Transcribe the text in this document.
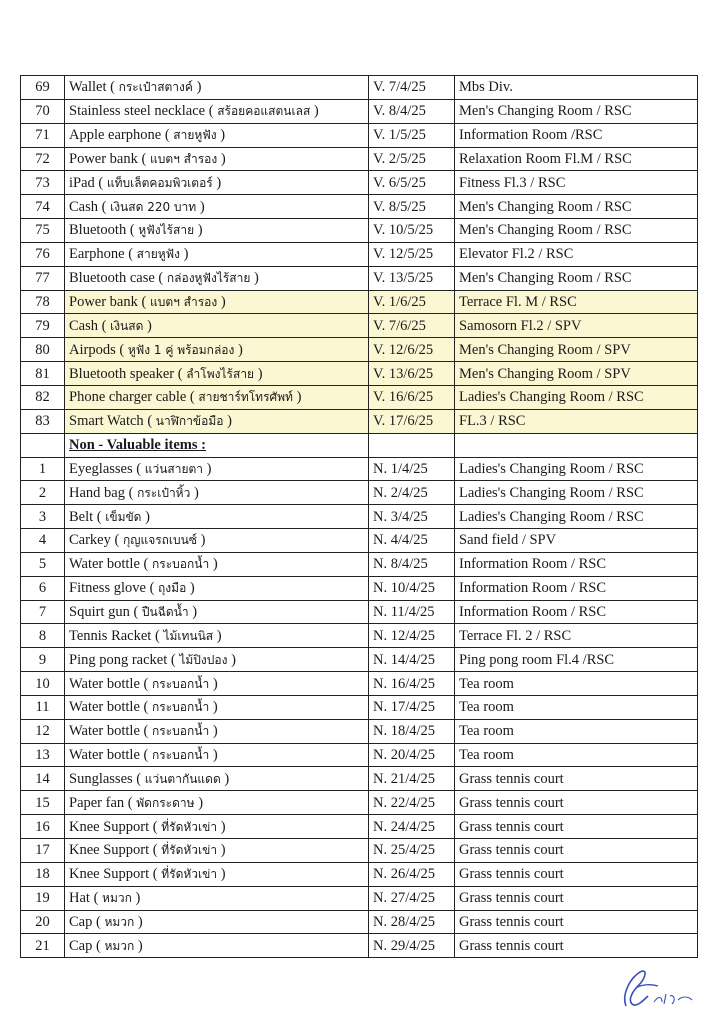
69	Wallet ( กระเป๋าสตางค์ )	V. 7/4/25	Mbs Div.
70	Stainless steel necklace ( สร้อยคอแสตนเลส )	V. 8/4/25	Men's Changing Room / RSC
71	Apple earphone ( สายหูฟัง )	V. 1/5/25	Information Room /RSC
72	Power bank ( แบตฯ สำรอง )	V. 2/5/25	Relaxation Room Fl.M / RSC
73	iPad ( แท็บเล็ตคอมพิวเตอร์ )	V. 6/5/25	Fitness Fl.3 / RSC
74	Cash ( เงินสด 220 บาท )	V. 8/5/25	Men's Changing Room / RSC
75	Bluetooth ( หูฟังไร้สาย )	V. 10/5/25	Men's Changing Room / RSC
76	Earphone ( สายหูฟัง )	V. 12/5/25	Elevator Fl.2 / RSC
77	Bluetooth case ( กล่องหูฟังไร้สาย )	V. 13/5/25	Men's Changing Room / RSC
78	Power bank ( แบตฯ สำรอง )	V. 1/6/25	Terrace Fl. M / RSC
79	Cash ( เงินสด )	V. 7/6/25	Samosorn Fl.2 / SPV
80	Airpods ( หูฟัง 1 คู่ พร้อมกล่อง )	V. 12/6/25	Men's Changing Room / SPV
81	Bluetooth speaker ( ลำโพงไร้สาย )	V. 13/6/25	Men's Changing Room / SPV
82	Phone charger cable ( สายชาร์ทโทรศัพท์ )	V. 16/6/25	Ladies's Changing Room / RSC
83	Smart Watch ( นาฬิกาข้อมือ )	V. 17/6/25	FL.3 / RSC
	Non - Valuable items :		
1	Eyeglasses ( แว่นสายตา )	N. 1/4/25	Ladies's Changing Room / RSC
2	Hand bag ( กระเป๋าหิ้ว )	N. 2/4/25	Ladies's Changing Room / RSC
3	Belt ( เข็มขัด )	N. 3/4/25	Ladies's Changing Room / RSC
4	Carkey ( กุญแจรถเบนซ์ )	N. 4/4/25	Sand field / SPV
5	Water bottle ( กระบอกน้ำ )	N. 8/4/25	Information Room / RSC
6	Fitness glove ( ถุงมือ )	N. 10/4/25	Information Room / RSC
7	Squirt gun ( ปืนฉีดน้ำ )	N. 11/4/25	Information Room / RSC
8	Tennis Racket ( ไม้เทนนิส )	N. 12/4/25	Terrace Fl. 2 / RSC
9	Ping pong racket ( ไม้ปิงปอง )	N. 14/4/25	Ping pong room Fl.4 /RSC
10	Water bottle ( กระบอกน้ำ )	N. 16/4/25	Tea room
11	Water bottle ( กระบอกน้ำ )	N. 17/4/25	Tea room
12	Water bottle ( กระบอกน้ำ )	N. 18/4/25	Tea room
13	Water bottle ( กระบอกน้ำ )	N. 20/4/25	Tea room
14	Sunglasses ( แว่นตากันแดด )	N. 21/4/25	Grass tennis court
15	Paper fan ( พัดกระดาษ )	N. 22/4/25	Grass tennis court
16	Knee Support ( ที่รัดหัวเข่า )	N. 24/4/25	Grass tennis court
17	Knee Support ( ที่รัดหัวเข่า )	N. 25/4/25	Grass tennis court
18	Knee Support ( ที่รัดหัวเข่า )	N. 26/4/25	Grass tennis court
19	Hat ( หมวก )	N. 27/4/25	Grass tennis court
20	Cap ( หมวก )	N. 28/4/25	Grass tennis court
21	Cap ( หมวก )	N. 29/4/25	Grass tennis court
